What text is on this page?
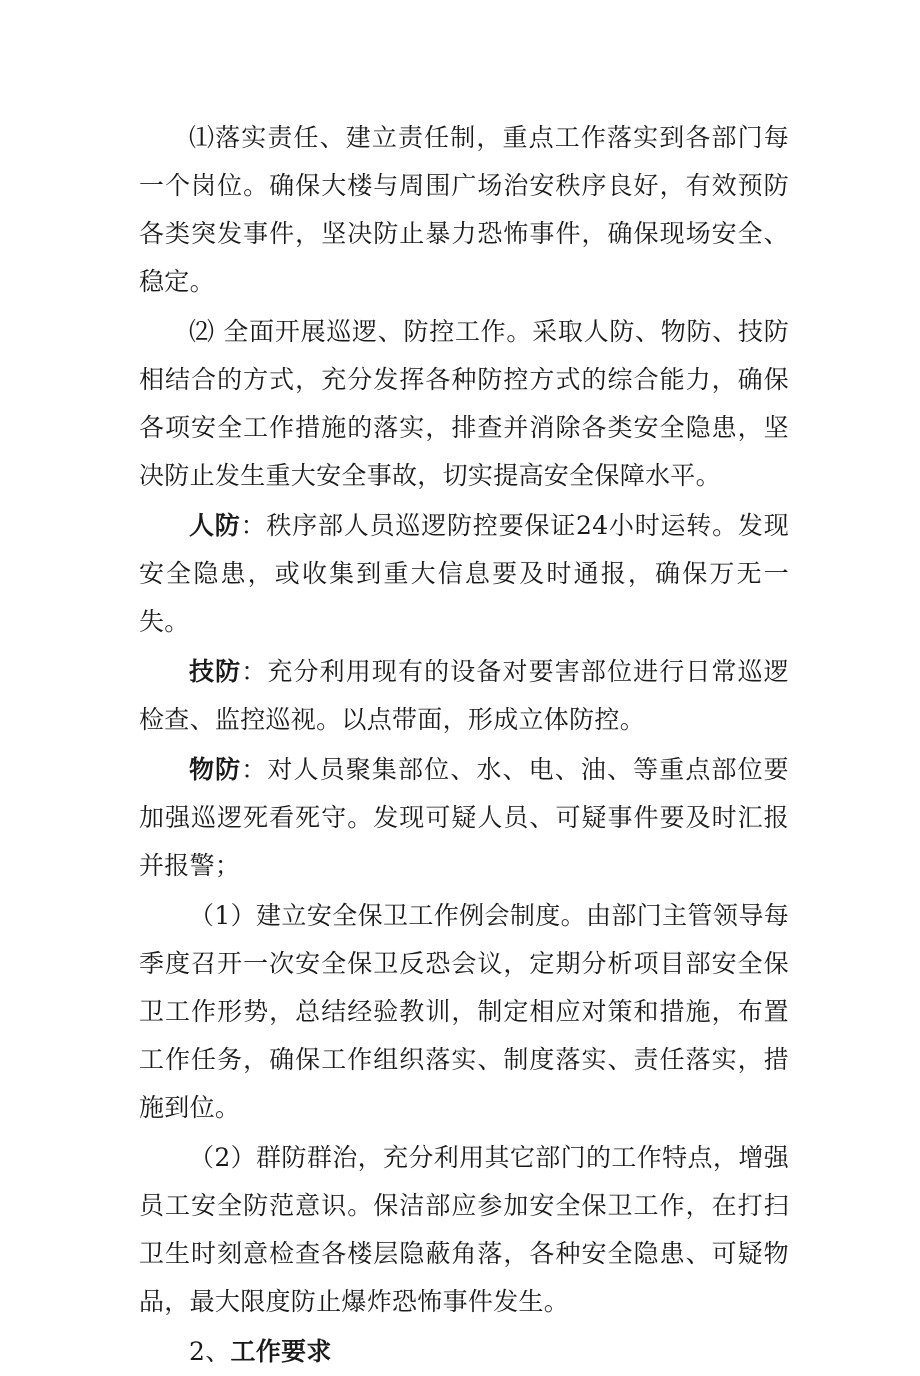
⑴落实责任、建立责任制，重点工作落实到各部门每一个岗位。确保大楼与周围广场治安秩序良好，有效预防各类突发事件，坚决防止暴力恐怖事件，确保现场安全、稳定。

⑵ 全面开展巡逻、防控工作。采取人防、物防、技防相结合的方式，充分发挥各种防控方式的综合能力，确保各项安全工作措施的落实，排查并消除各类安全隐患，坚决防止发生重大安全事故，切实提高安全保障水平。

人防：秩序部人员巡逻防控要保证24小时运转。发现安全隐患，或收集到重大信息要及时通报，确保万无一失。

技防：充分利用现有的设备对要害部位进行日常巡逻检查、监控巡视。以点带面，形成立体防控。

物防：对人员聚集部位、水、电、油、等重点部位要加强巡逻死看死守。发现可疑人员、可疑事件要及时汇报并报警；

（1）建立安全保卫工作例会制度。由部门主管领导每季度召开一次安全保卫反恐会议，定期分析项目部安全保卫工作形势，总结经验教训，制定相应对策和措施，布置工作任务，确保工作组织落实、制度落实、责任落实，措施到位。

（2）群防群治，充分利用其它部门的工作特点，增强员工安全防范意识。保洁部应参加安全保卫工作，在打扫卫生时刻意检查各楼层隐蔽角落，各种安全隐患、可疑物品，最大限度防止爆炸恐怖事件发生。

2、工作要求
